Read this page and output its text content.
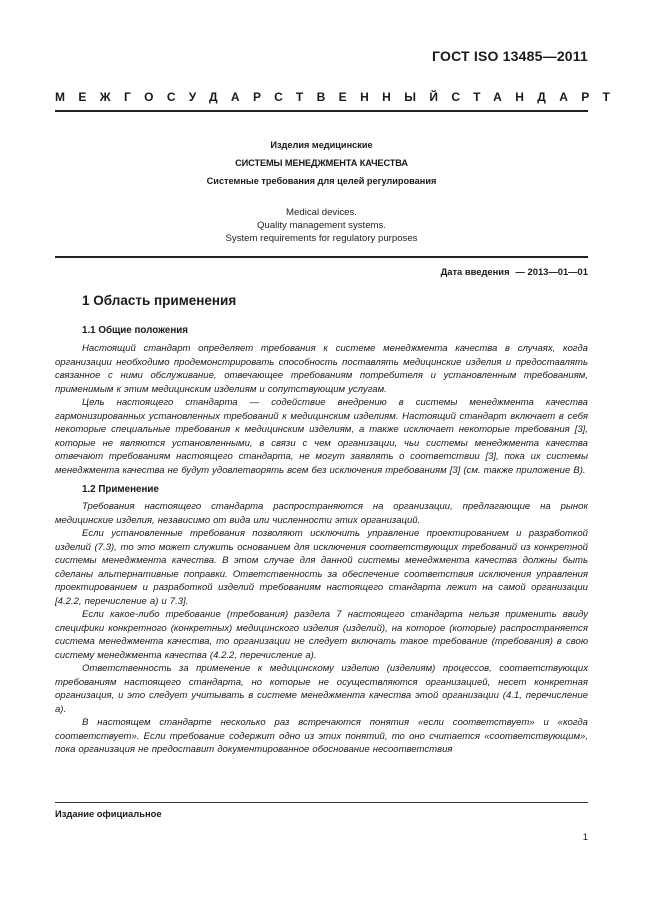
ГОСТ ISO 13485—2011
МЕЖГОСУДАРСТВЕННЫЙ СТАНДАРТ
Изделия медицинские
СИСТЕМЫ МЕНЕДЖМЕНТА КАЧЕСТВА
Системные требования для целей регулирования
Medical devices.
Quality management systems.
System requirements for regulatory purposes
Дата введения — 2013—01—01
1 Область применения
1.1 Общие положения

Настоящий стандарт определяет требования к системе менеджмента качества в случаях, когда организации необходимо продемонстрировать способность поставлять медицинские изделия и предоставлять связанное с ними обслуживание, отвечающее требованиям потребителя и установленным требованиям, применимым к этим медицинским изделиям и сопутствующим услугам.

Цель настоящего стандарта — содействие внедрению в системы менеджмента качества гармонизированных установленных требований к медицинским изделиям. Настоящий стандарт включает в себя некоторые специальные требования к медицинским изделиям, а также исключает некоторые требования [3], которые не являются установленными, в связи с чем организации, чьи системы менеджмента качества отвечают требованиям настоящего стандарта, не могут заявлять о соответствии [3], пока их системы менеджмента качества не будут удовлетворять всем без исключения требованиям [3] (см. также приложение В).

1.2 Применение

Требования настоящего стандарта распространяются на организации, предлагающие на рынок медицинские изделия, независимо от вида или численности этих организаций.

Если установленные требования позволяют исключить управление проектированием и разработкой изделий (7.3), то это может служить основанием для исключения соответствующих требований из конкретной системы менеджмента качества. В этом случае для данной системы менеджмента качества должны быть сделаны альтернативные поправки. Ответственность за обеспечение соответствия исключения управления проектированием и разработкой изделий требованиям настоящего стандарта лежит на самой организации [4.2.2, перечисление а) и 7.3].

Если какое-либо требование (требования) раздела 7 настоящего стандарта нельзя применить ввиду специфики конкретного (конкретных) медицинского изделия (изделий), на которое (которые) распространяется система менеджмента качества, то организации не следует включать такое требование (требования) в свою систему менеджмента качества (4.2.2, перечисление а).

Ответственность за применение к медицинскому изделию (изделиям) процессов, соответствующих требованиям настоящего стандарта, но которые не осуществляются организацией, несет конкретная организация, и это следует учитывать в системе менеджмента качества этой организации (4.1, перечисление а).

В настоящем стандарте несколько раз встречаются понятия «если соответствует» и «когда соответствует». Если требование содержит одно из этих понятий, то оно считается «соответствующим», пока организация не предоставит документированное обоснование несоответствия

Издание официальное
1
